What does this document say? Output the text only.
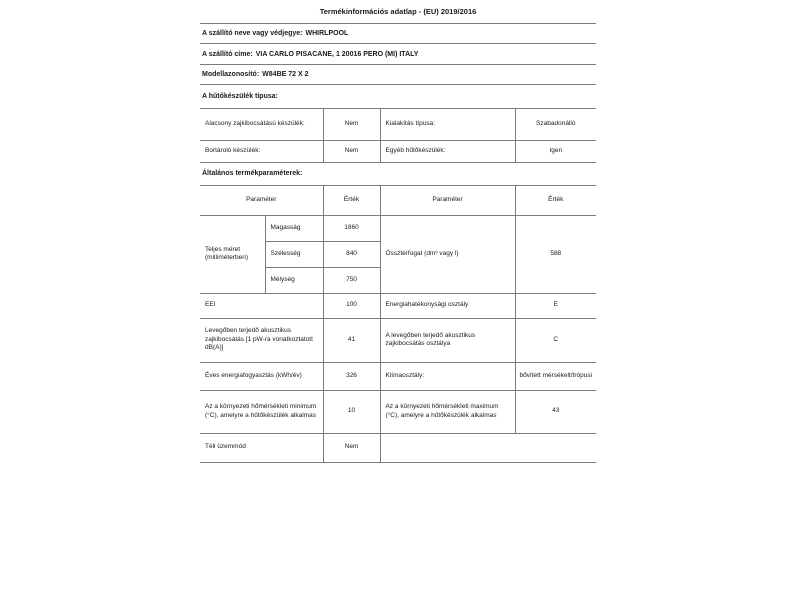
Termékinformációs adatlap - (EU) 2019/2016
A szállító neve vagy védjegye: WHIRLPOOL
A szállító címe: VIA CARLO PISACANE, 1 20016 PERO (MI) ITALY
Modellazonosító: W84BE 72 X 2
A hűtőkészülék típusa:
Alacsony zajkibocsátású készülék:	Nem	Kialakítás típusa:	Szabadonálló
Bortároló készülék:	Nem	Egyéb hűtőkészülék:	Igen
Általános termékparaméterek:
Paraméter		Érték	Paraméter	Érték
Teljes méret (milliméterben)	Magasság	1860	Össztérfogat (dm³ vagy l)	588
	Szélesség	840		
	Mélység	750		
EEI		100	Energiahatékonysági osztály	E
Levegőben terjedő akusztikus zajkibocsátás [1 pW-ra vonatkoztatott dB(A)]		41	A levegőben terjedő akusztikus zajkibocsátás osztálya	C
Éves energiafogyasztás (kWh/év)		326	Klímaosztály:	bővített mérsékelt/trópusi
Az a környezeti hőmérsékleti minimum (°C), amelyre a hűtőkészülék alkalmas		10	Az a környezeti hőmérsékleti maximum (°C), amelyre a hűtőkészülék alkalmas	43
Téli üzemmód		Nem		
